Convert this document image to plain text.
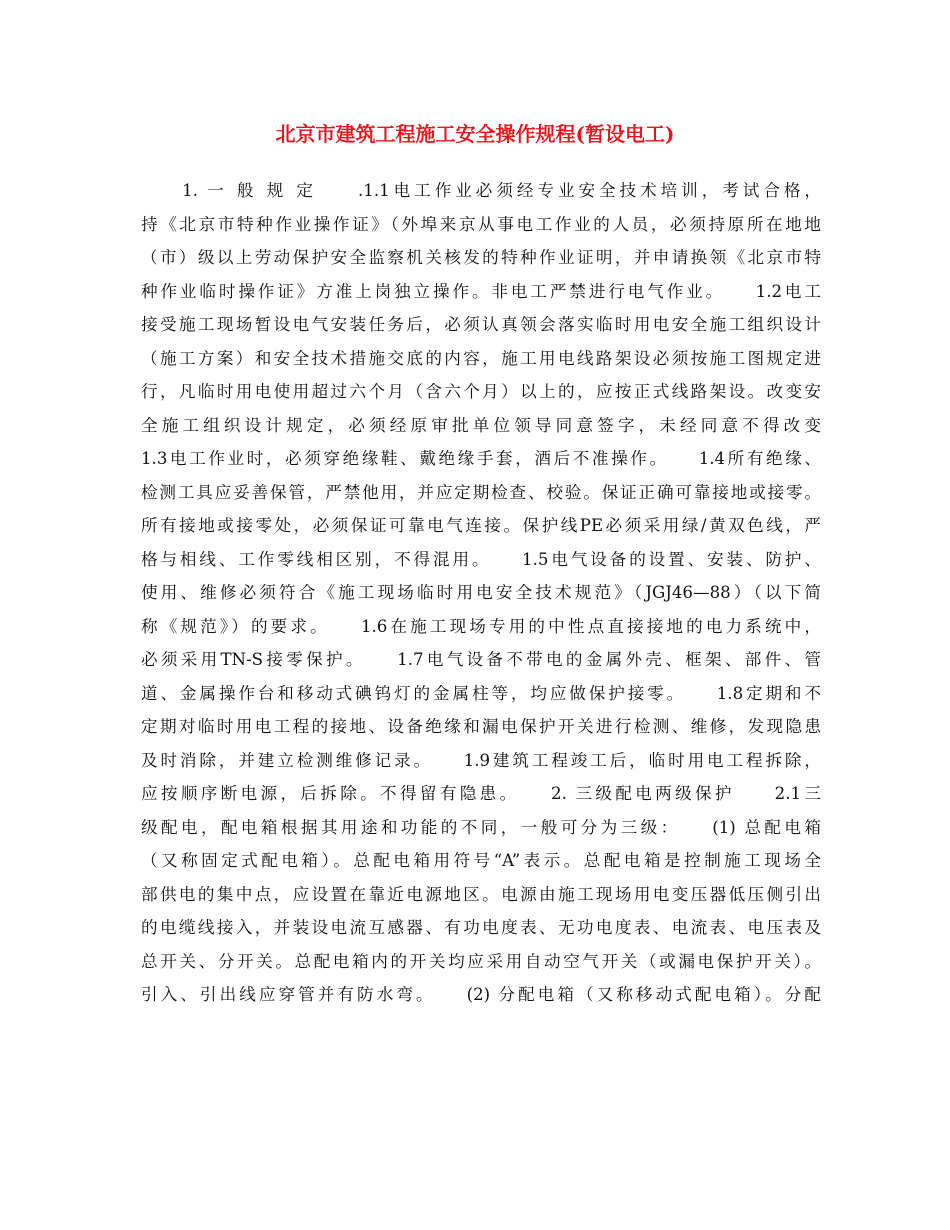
北京市建筑工程施工安全操作规程(暂设电工)
　　1. 一 般 规 定　　.1.1电工作业必须经专业安全技术培训，考试合格，
持《北京市特种作业操作证》（外埠来京从事电工作业的人员，必须持原所在地地
（市）级以上劳动保护安全监察机关核发的特种作业证明，并申请换领《北京市特
种作业临时操作证》方准上岗独立操作。非电工严禁进行电气作业。　　1.2电工
接受施工现场暂设电气安装任务后，必须认真领会落实临时用电安全施工组织设计
（施工方案）和安全技术措施交底的内容，施工用电线路架设必须按施工图规定进
行，凡临时用电使用超过六个月（含六个月）以上的，应按正式线路架设。改变安
全施工组织设计规定，必须经原审批单位领导同意签字，未经同意不得改变
1.3电工作业时，必须穿绝缘鞋、戴绝缘手套，酒后不准操作。　　1.4所有绝缘、
检测工具应妥善保管，严禁他用，并应定期检查、校验。保证正确可靠接地或接零。
所有接地或接零处，必须保证可靠电气连接。保护线PE必须采用绿/黄双色线，严
格与相线、工作零线相区别，不得混用。　　1.5电气设备的设置、安装、防护、
使用、维修必须符合《施工现场临时用电安全技术规范》（JGJ46—88）（以下简
称《规范》）的要求。　　1.6在施工现场专用的中性点直接接地的电力系统中，
必须采用TN-S接零保护。　　1.7电气设备不带电的金属外壳、框架、部件、管
道、金属操作台和移动式碘钨灯的金属柱等，均应做保护接零。　　1.8定期和不
定期对临时用电工程的接地、设备绝缘和漏电保护开关进行检测、维修，发现隐患
及时消除，并建立检测维修记录。　　1.9建筑工程竣工后，临时用电工程拆除，
应按顺序断电源，后拆除。不得留有隐患。　　2. 三级配电两级保护　　2.1三
级配电，配电箱根据其用途和功能的不同，一般可分为三级：　　(1) 总配电箱
（又称固定式配电箱）。总配电箱用符号“A”表示。总配电箱是控制施工现场全
部供电的集中点，应设置在靠近电源地区。电源由施工现场用电变压器低压侧引出
的电缆线接入，并装设电流互感器、有功电度表、无功电度表、电流表、电压表及
总开关、分开关。总配电箱内的开关均应采用自动空气开关（或漏电保护开关）。
引入、引出线应穿管并有防水弯。　　(2) 分配电箱（又称移动式配电箱）。分配
